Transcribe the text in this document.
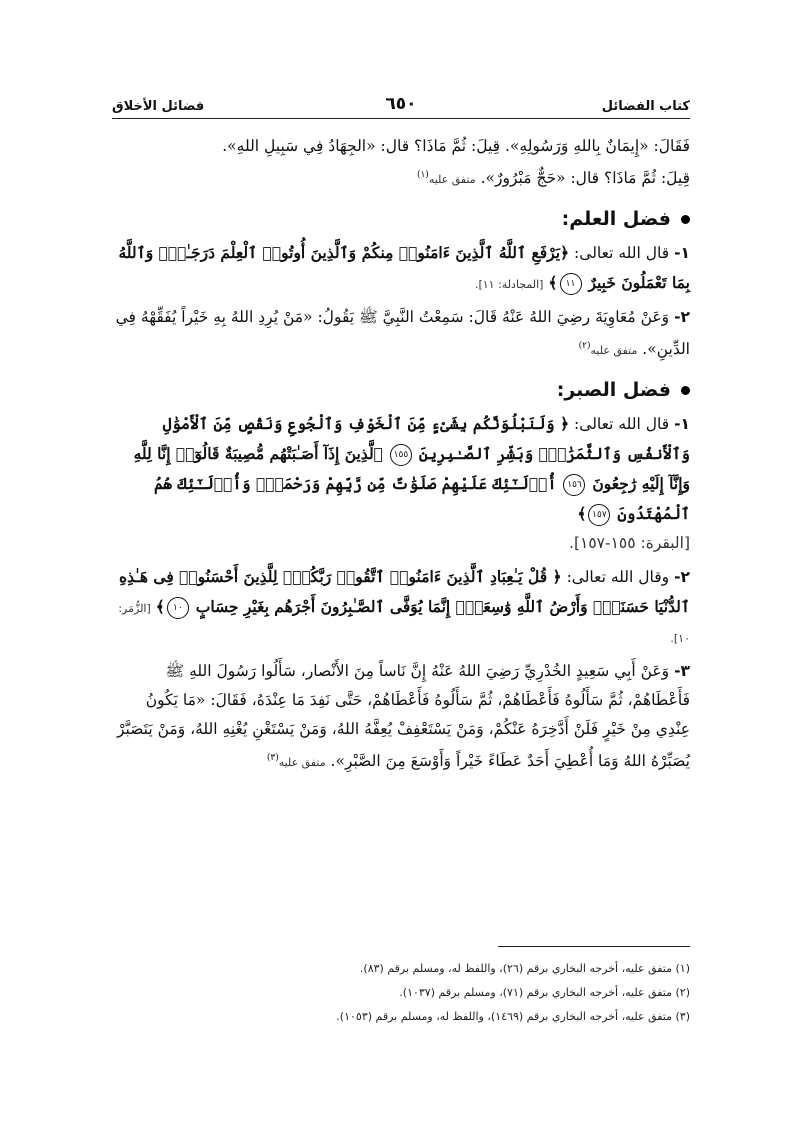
كتاب الفضائل
٦٥٠
فضائل الأخلاق

فَقَالَ: «إِيمَانٌ بِاللهِ وَرَسُولِهِ». قِيلَ: ثُمَّ مَاذَا؟ قال: «الجِهَادُ فِي سَبِيلِ اللهِ».

قِيلَ: ثُمَّ مَاذَا؟ قال: «حَجٌّ مَبْرُورٌ». متفق عليه$^{(١)}$

فضل العلم:

١- قال الله تعالى: ﴿يَرْفَعِ ٱللَّهُ ٱلَّذِينَ ءَامَنُوا۟ مِنكُمْ وَٱلَّذِينَ أُوتُوا۟ ٱلْعِلْمَ دَرَجَـٰتٍۚ وَٱللَّهُ بِمَا تَعْمَلُونَ خَبِيرٌ ١١﴾ [المجادلة: ١١].

٢- وَعَنْ مُعَاوِيَةَ رضِيَ اللهُ عَنْهُ قَالَ: سَمِعْتُ النَّبِيَّ ﷺ يَقُولُ: «مَنْ يُرِدِ اللهُ بِهِ خَيْراً يُفَقِّهْهُ فِي الدِّينِ». متفق عليه$^{(٢)}$

فضل الصبر:

١- قال الله تعالى: ﴿ وَلَنَبْلُوَنَّكُم بِشَىْءٍ مِّنَ ٱلْخَوْفِ وَٱلْجُوعِ وَنَقْصٍ مِّنَ ٱلْأَمْوَٰلِ وَٱلْأَنفُسِ وَٱلثَّمَرَٰتِۗ وَبَشِّرِ ٱلصَّـٰبِرِينَ ١٥٥ ٱلَّذِينَ إِذَآ أَصَـٰبَتْهُم مُّصِيبَةٌ قَالُوٓا۟ إِنَّا لِلَّهِ وَإِنَّآ إِلَيْهِ رَٰجِعُونَ ١٥٦ أُو۟لَـٰٓئِكَ عَلَيْهِمْ صَلَوَٰتٌ مِّن رَّبِّهِمْ وَرَحْمَةٌۖ وَأُو۟لَـٰٓئِكَ هُمُ ٱلْمُهْتَدُونَ ١٥٧﴾

[البقرة: ١٥٥-١٥٧].

٢- وقال الله تعالى: ﴿ قُلْ يَـٰعِبَادِ ٱلَّذِينَ ءَامَنُوا۟ ٱتَّقُوا۟ رَبَّكُمْۚ لِلَّذِينَ أَحْسَنُوا۟ فِى هَـٰذِهِ ٱلدُّنْيَا حَسَنَةٌۗ وَأَرْضُ ٱللَّهِ وَٰسِعَةٌۗ إِنَّمَا يُوَفَّى ٱلصَّـٰبِرُونَ أَجْرَهُم بِغَيْرِ حِسَابٍ ١٠﴾ [الزُّمَر: ١٠].

٣- وَعَنْ أَبِي سَعِيدٍ الخُدْرِيِّ رَضِيَ اللهُ عَنْهُ إِنَّ نَاساً مِنَ الأَنْصار، سَأَلُوا رَسُولَ اللهِ ﷺ فَأَعْطَاهُمْ، ثُمَّ سَأَلُوهُ فَأَعْطَاهُمْ، ثُمَّ سَأَلُوهُ فَأَعْطَاهُمْ، حَتَّى نَفِدَ مَا عِنْدَهُ، فَقَالَ: «مَا يَكُونُ عِنْدِي مِنْ خَيْرٍ فَلَنْ أَدَّخِرَهُ عَنْكُمْ، وَمَنْ يَسْتَعْفِفْ يُعِفَّهُ اللهُ، وَمَنْ يَسْتَغْنِ يُغْنِهِ اللهُ، وَمَنْ يَتَصَبَّرْ يُصَبِّرْهُ اللهُ وَمَا أُعْطِيَ أَحَدٌ عَطَاءً خَيْراً وَأَوْسَعَ مِنَ الصَّبْرِ». متفق عليه$^{(٣)}$

(١) متفق عليه، أخرجه البخاري برقم (٢٦)، واللفظ له، ومسلم برقم (٨٣).

(٢) متفق عليه، أخرجه البخاري برقم (٧١)، ومسلم برقم (١٠٣٧).

(٣) متفق عليه، أخرجه البخاري برقم (١٤٦٩)، واللفظ له، ومسلم برقم (١٠٥٣).
